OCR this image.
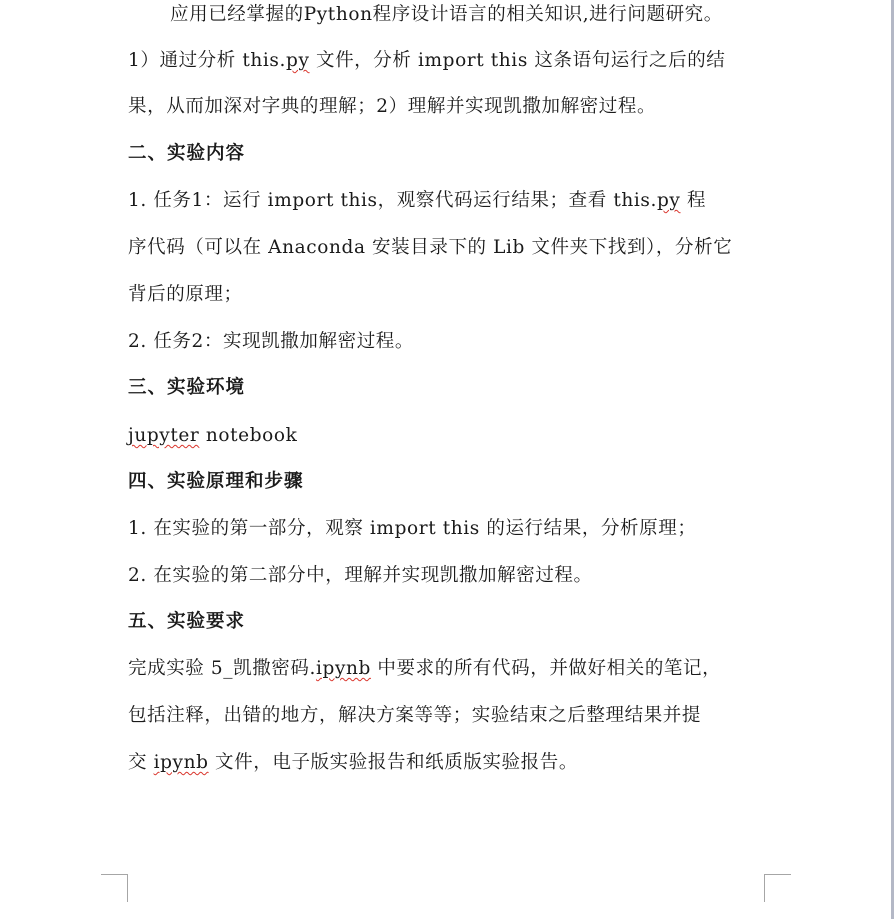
应用已经掌握的Python程序设计语言的相关知识,进行问题研究。
1）通过分析 this.py 文件，分析 import this 这条语句运行之后的结
果，从而加深对字典的理解；2）理解并实现凯撒加解密过程。
二、实验内容
1. 任务1：运行 import this，观察代码运行结果；查看 this.py 程
序代码（可以在 Anaconda 安装目录下的 Lib 文件夹下找到），分析它
背后的原理；
2. 任务2：实现凯撒加解密过程。
三、实验环境
jupyter notebook
四、实验原理和步骤
1. 在实验的第一部分，观察 import this 的运行结果，分析原理；
2. 在实验的第二部分中，理解并实现凯撒加解密过程。
五、实验要求
完成实验 5_凯撒密码.ipynb 中要求的所有代码，并做好相关的笔记，
包括注释，出错的地方，解决方案等等；实验结束之后整理结果并提
交 ipynb 文件，电子版实验报告和纸质版实验报告。
